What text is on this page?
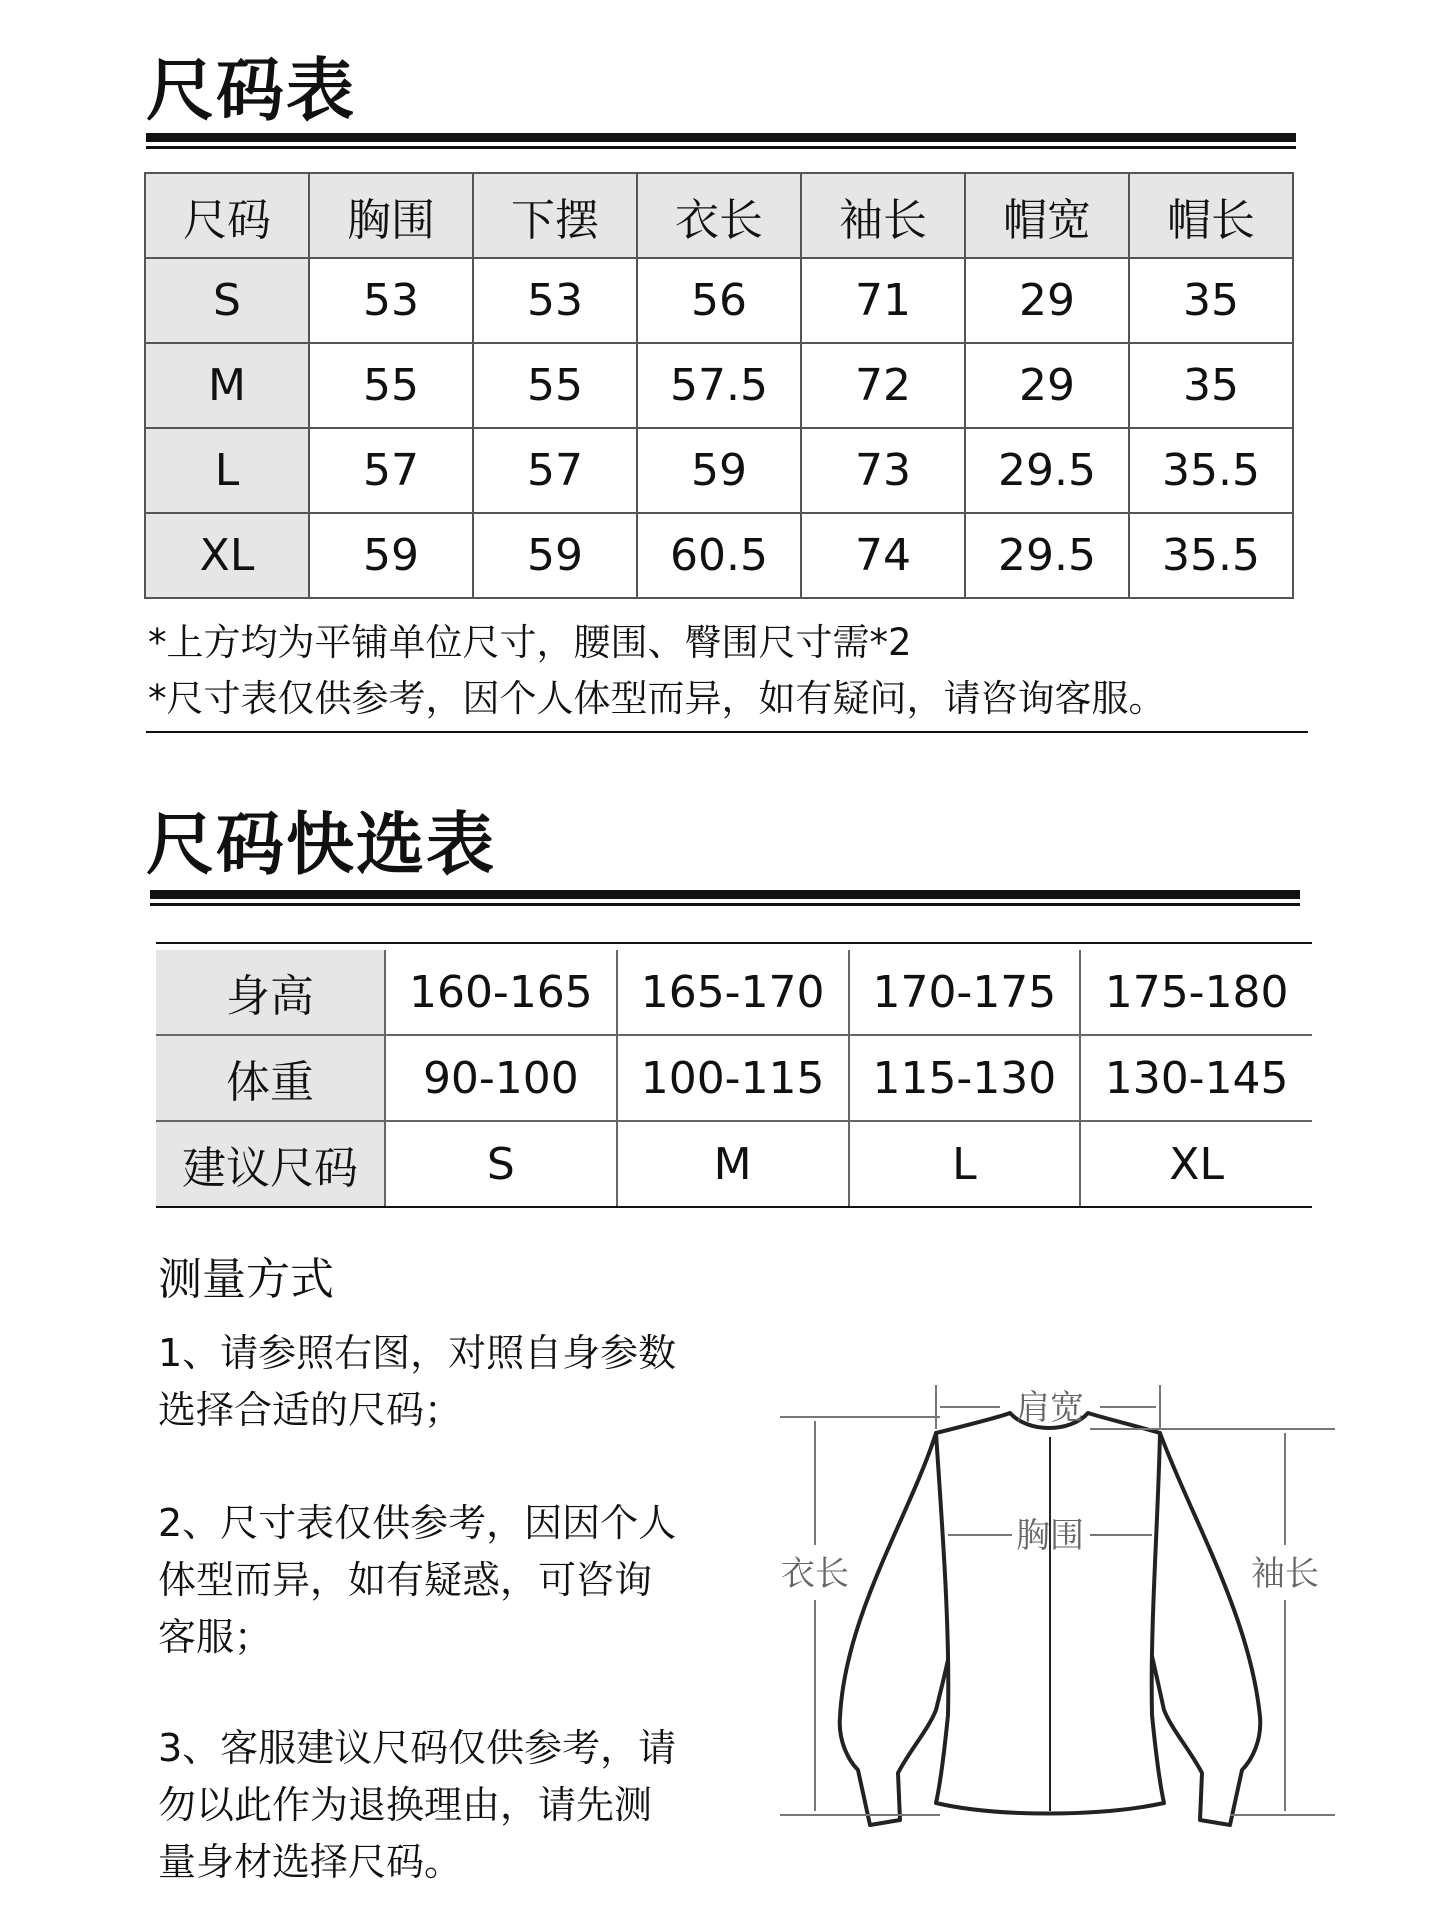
尺码表
尺码	胸围	下摆	衣长	袖长	帽宽	帽长
S	53	53	56	71	29	35
M	55	55	57.5	72	29	35
L	57	57	59	73	29.5	35.5
XL	59	59	60.5	74	29.5	35.5
*上方均为平铺单位尺寸，腰围、臀围尺寸需*2
*尺寸表仅供参考，因个人体型而异，如有疑问，请咨询客服。
尺码快选表
身高	160-165	165-170	170-175	175-180
体重	90-100	100-115	115-130	130-145
建议尺码	S	M	L	XL
测量方式

1、请参照右图，对照自身参数选择合适的尺码；

2、尺寸表仅供参考，因因个人体型而异，如有疑惑，可咨询客服；

3、客服建议尺码仅供参考，请勿以此作为退换理由，请先测量身材选择尺码。

肩宽
胸围
衣长	袖长
